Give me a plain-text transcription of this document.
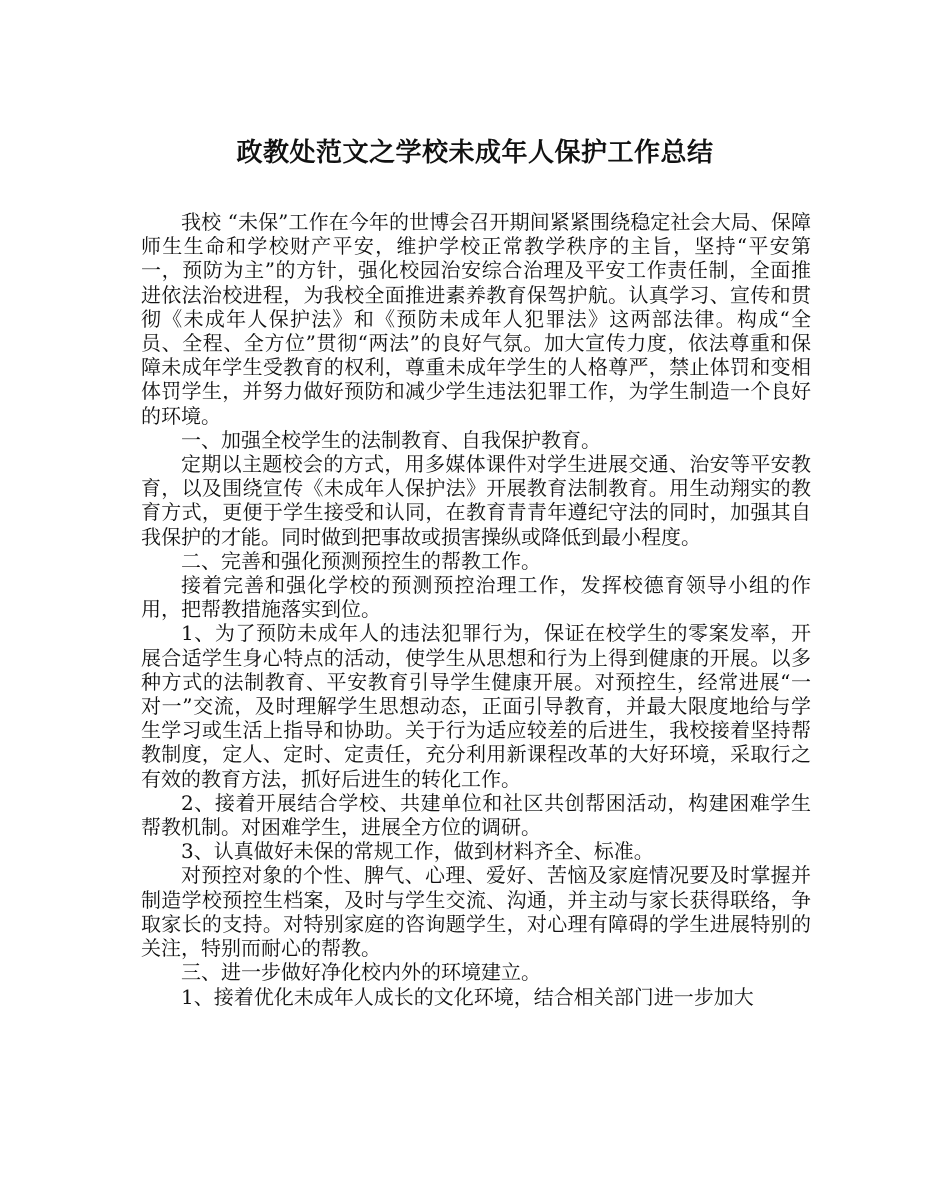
政教处范文之学校未成年人保护工作总结

我校 “未保”工作在今年的世博会召开期间紧紧围绕稳定社会大局、保障师生生命和学校财产平安，维护学校正常教学秩序的主旨，坚持“平安第一，预防为主”的方针，强化校园治安综合治理及平安工作责任制，全面推进依法治校进程，为我校全面推进素养教育保驾护航。认真学习、宣传和贯彻《未成年人保护法》和《预防未成年人犯罪法》这两部法律。构成“全员、全程、全方位”贯彻“两法”的良好气氛。加大宣传力度，依法尊重和保障未成年学生受教育的权利，尊重未成年学生的人格尊严，禁止体罚和变相体罚学生，并努力做好预防和减少学生违法犯罪工作，为学生制造一个良好的环境。

一、加强全校学生的法制教育、自我保护教育。

定期以主题校会的方式，用多媒体课件对学生进展交通、治安等平安教育，以及围绕宣传《未成年人保护法》开展教育法制教育。用生动翔实的教育方式，更便于学生接受和认同，在教育青青年遵纪守法的同时，加强其自我保护的才能。同时做到把事故或损害操纵或降低到最小程度。

二、完善和强化预测预控生的帮教工作。

接着完善和强化学校的预测预控治理工作，发挥校德育领导小组的作用，把帮教措施落实到位。

1、为了预防未成年人的违法犯罪行为，保证在校学生的零案发率，开展合适学生身心特点的活动，使学生从思想和行为上得到健康的开展。以多种方式的法制教育、平安教育引导学生健康开展。对预控生，经常进展“一对一”交流，及时理解学生思想动态，正面引导教育，并最大限度地给与学生学习或生活上指导和协助。关于行为适应较差的后进生，我校接着坚持帮教制度，定人、定时、定责任，充分利用新课程改革的大好环境，采取行之有效的教育方法，抓好后进生的转化工作。

2、接着开展结合学校、共建单位和社区共创帮困活动，构建困难学生帮教机制。对困难学生，进展全方位的调研。

3、认真做好未保的常规工作，做到材料齐全、标准。

对预控对象的个性、脾气、心理、爱好、苦恼及家庭情况要及时掌握并制造学校预控生档案，及时与学生交流、沟通，并主动与家长获得联络，争取家长的支持。对特别家庭的咨询题学生，对心理有障碍的学生进展特别的关注，特别而耐心的帮教。

三、进一步做好净化校内外的环境建立。

1、接着优化未成年人成长的文化环境，结合相关部门进一步加大
